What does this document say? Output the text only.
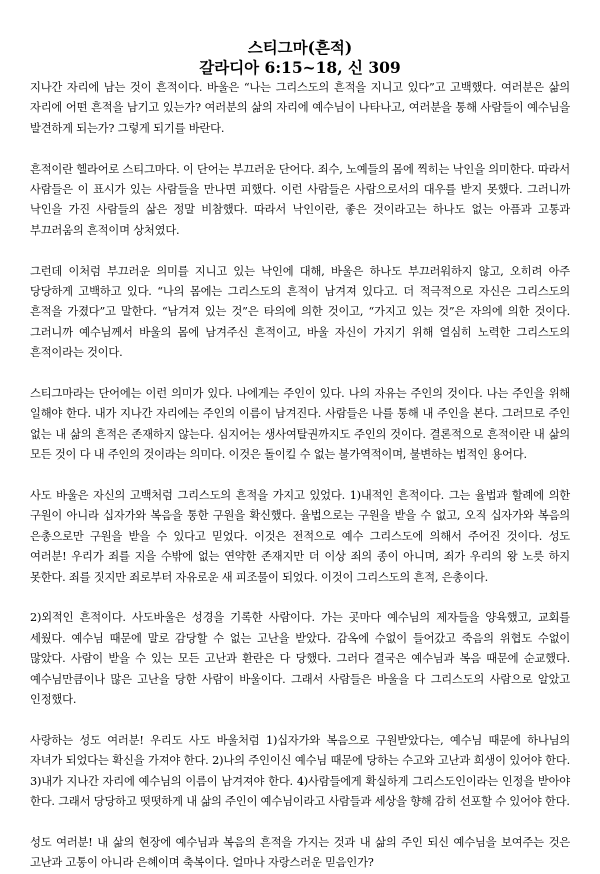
스티그마(흔적)
갈라디아 6:15~18, 신 309

지나간 자리에 남는 것이 흔적이다. 바울은 “나는 그리스도의 흔적을 지니고 있다”고 고백했다. 여러분은 삶의 자리에 어떤 흔적을 남기고 있는가? 여러분의 삶의 자리에 예수님이 나타나고, 여러분을 통해 사람들이 예수님을 발견하게 되는가? 그렇게 되기를 바란다.

흔적이란 헬라어로 스티그마다. 이 단어는 부끄러운 단어다. 죄수, 노예들의 몸에 찍히는 낙인을 의미한다. 따라서 사람들은 이 표시가 있는 사람들을 만나면 피했다. 이런 사람들은 사람으로서의 대우를 받지 못했다. 그러니까 낙인을 가진 사람들의 삶은 정말 비참했다. 따라서 낙인이란, 좋은 것이라고는 하나도 없는 아픔과 고통과 부끄러움의 흔적이며 상처였다.

그런데 이처럼 부끄러운 의미를 지니고 있는 낙인에 대해, 바울은 하나도 부끄러워하지 않고, 오히려 아주 당당하게 고백하고 있다. “나의 몸에는 그리스도의 흔적이 남겨져 있다고. 더 적극적으로 자신은 그리스도의 흔적을 가졌다”고 말한다. “남겨져 있는 것”은 타의에 의한 것이고, “가지고 있는 것”은 자의에 의한 것이다. 그러니까 예수님께서 바울의 몸에 남겨주신 흔적이고, 바울 자신이 가지기 위해 열심히 노력한 그리스도의 흔적이라는 것이다.

스티그마라는 단어에는 이런 의미가 있다. 나에게는 주인이 있다. 나의 자유는 주인의 것이다. 나는 주인을 위해 일해야 한다. 내가 지나간 자리에는 주인의 이름이 남겨진다. 사람들은 나를 통해 내 주인을 본다. 그러므로 주인 없는 내 삶의 흔적은 존재하지 않는다. 심지어는 생사여탈권까지도 주인의 것이다. 결론적으로 흔적이란 내 삶의 모든 것이 다 내 주인의 것이라는 의미다. 이것은 돌이킬 수 없는 불가역적이며, 불변하는 법적인 용어다.

사도 바울은 자신의 고백처럼 그리스도의 흔적을 가지고 있었다. 1)내적인 흔적이다. 그는 율법과 할례에 의한 구원이 아니라 십자가와 복음을 통한 구원을 확신했다. 율법으로는 구원을 받을 수 없고, 오직 십자가와 복음의 은총으로만 구원을 받을 수 있다고 믿었다. 이것은 전적으로 예수 그리스도에 의해서 주어진 것이다. 성도 여러분! 우리가 죄를 지을 수밖에 없는 연약한 존재지만 더 이상 죄의 종이 아니며, 죄가 우리의 왕 노릇 하지 못한다. 죄를 짓지만 죄로부터 자유로운 새 피조물이 되었다. 이것이 그리스도의 흔적, 은총이다.

2)외적인 흔적이다. 사도바울은 성경을 기록한 사람이다. 가는 곳마다 예수님의 제자들을 양육했고, 교회를 세웠다. 예수님 때문에 말로 감당할 수 없는 고난을 받았다. 감옥에 수없이 들어갔고 죽음의 위협도 수없이 많았다. 사람이 받을 수 있는 모든 고난과 환란은 다 당했다. 그러다 결국은 예수님과 복음 때문에 순교했다. 예수님만큼이나 많은 고난을 당한 사람이 바울이다. 그래서 사람들은 바울을 다 그리스도의 사람으로 알았고 인정했다.

사랑하는 성도 여러분! 우리도 사도 바울처럼 1)십자가와 복음으로 구원받았다는, 예수님 때문에 하나님의 자녀가 되었다는 확신을 가져야 한다. 2)나의 주인이신 예수님 때문에 당하는 수고와 고난과 희생이 있어야 한다. 3)내가 지나간 자리에 예수님의 이름이 남겨져야 한다. 4)사람들에게 확실하게 그리스도인이라는 인정을 받아야 한다. 그래서 당당하고 떳떳하게 내 삶의 주인이 예수님이라고 사람들과 세상을 향해 감히 선포할 수 있어야 한다.

성도 여러분! 내 삶의 현장에 예수님과 복음의 흔적을 가지는 것과 내 삶의 주인 되신 예수님을 보여주는 것은 고난과 고통이 아니라 은혜이며 축복이다. 얼마나 자랑스러운 믿음인가?
